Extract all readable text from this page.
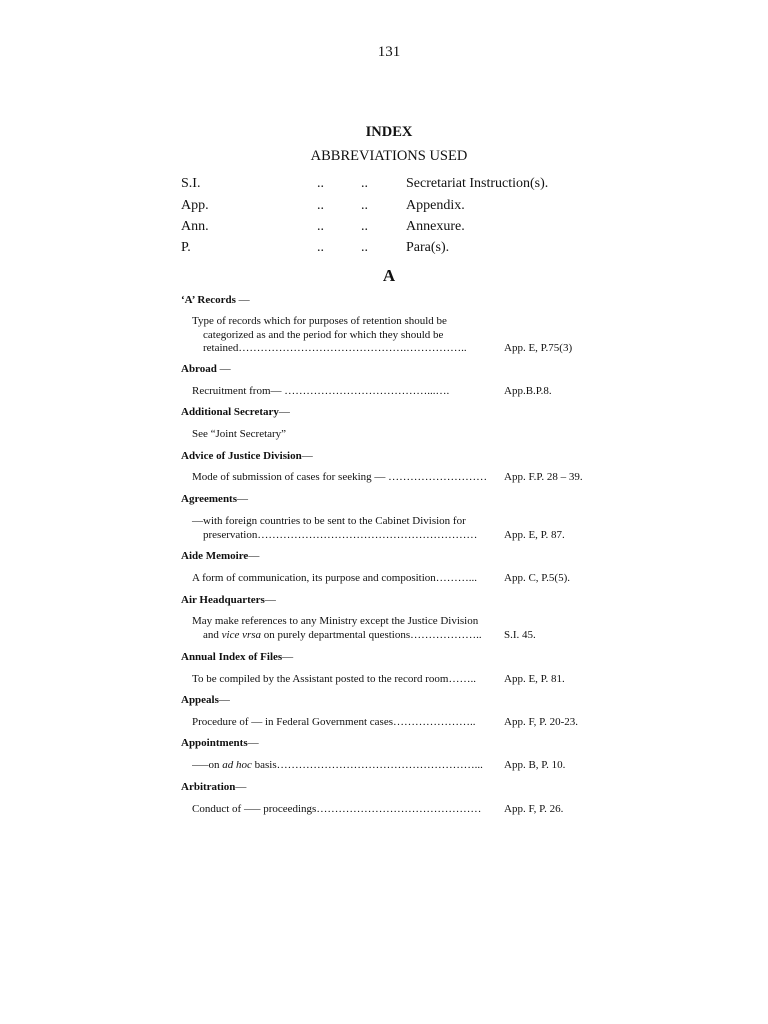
131
INDEX
ABBREVIATIONS USED
S.I.	..	..	Secretariat Instruction(s).
App.	..	..	Appendix.
Ann.	..	..	Annexure.
P.	..	..	Para(s).
A
‘A’ Records —
Type of records which for purposes of retention should be
categorized as and the period for which they should be
retained……………………………………….……………..	App. E, P.75(3)
Abroad —
Recruitment from— …………………………………...….	App.B.P.8.
Additional Secretary—
See “Joint Secretary”
Advice of Justice Division—
Mode of submission of cases for seeking — ……………………… App. F.P. 28 – 39.
Agreements—
—with foreign countries to be sent to the Cabinet Division for
preservation……………………………………………………	App. E, P. 87.
Aide Memoire—
A form of communication, its purpose and composition………...	App. C, P.5(5).
Air Headquarters—
May make references to any Ministry except the Justice Division
and vice vrsa on purely departmental questions………………..	S.I. 45.
Annual Index of Files—
To be compiled by the Assistant posted to the record room……..	App. E, P. 81.
Appeals—
Procedure of — in Federal Government cases…………………..	App. F, P. 20-23.
Appointments—
–—on ad hoc basis………………………………………………...	App. B, P. 10.
Arbitration—
Conduct of –— proceedings………………………………………	App. F, P. 26.
